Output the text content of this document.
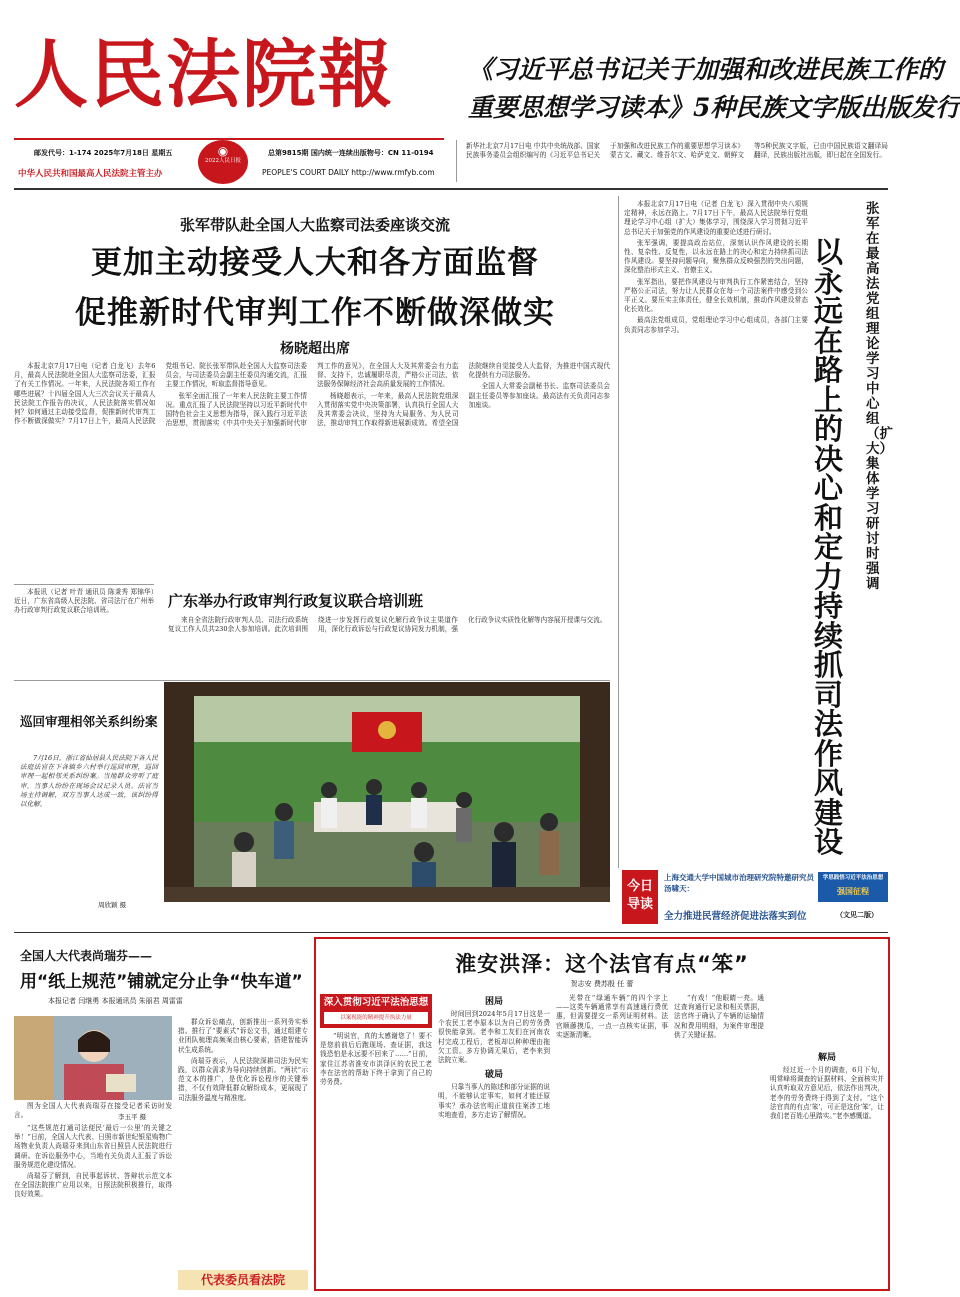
人民法院報	《习近平总书记关于加强和改进民族工作的
重要思想学习读本》5种民族文字版出版发行
邮发代号：1-174 2025年7月18日 星期五	总第9815期 国内统一连续出版物号：CN 11-0194
中华人民共和国最高人民法院主管主办	PEOPLE'S COURT DAILY http://www.rmfyb.com
◉
2022人民日报
新华社北京7月17日电 中共中央统战部、国家民族事务委员会组织编写的《习近平总书记关于加强和改进民族工作的重要思想学习读本》蒙古文、藏文、维吾尔文、哈萨克文、朝鲜文等5种民族文字版，已由中国民族语文翻译局翻译，民族出版社出版，即日起在全国发行。
张军带队赴全国人大监察司法委座谈交流
更加主动接受人大和各方面监督
促推新时代审判工作不断做深做实
杨晓超出席

本报北京7月17日电（记者 白龙飞）去年6月，最高人民法院赴全国人大监察司法委，汇报了有关工作情况。一年来，人民法院各项工作有哪些进展？十四届全国人大三次会议关于最高人民法院工作报告的决议，人民法院落实情况如何？如何通过主动接受监督，促推新时代审判工作不断做深做实？7月17日上午，最高人民法院党组书记、院长张军带队赴全国人大监察司法委员会，与司法委员会副主任委员沟通交流，汇报主要工作情况，听取监督指导意见。

张军全面汇报了一年来人民法院主要工作情况。重点汇报了人民法院坚持以习近平新时代中国特色社会主义思想为指导，深入践行习近平法治思想，贯彻落实《中共中央关于加强新时代审判工作的意见》，在全国人大及其常委会有力监督、支持下，忠诚履职尽责，严格公正司法，依法服务保障经济社会高质量发展的工作情况。

杨晓超表示，一年来，最高人民法院党组深入贯彻落实党中央决策部署，认真执行全国人大及其常委会决议，坚持为大局服务、为人民司法，推动审判工作取得新进展新成效。希望全国法院继续自觉接受人大监督，为推进中国式现代化提供有力司法服务。

全国人大常委会副秘书长、监察司法委员会副主任委员等参加座谈。最高法有关负责同志参加座谈。

本报讯（记者 叶青 通讯员 陈秉秀 郑锦华）近日，广东省高级人民法院、省司法厅在广州举办行政审判行政复议联合培训班。

广东举办行政审判行政复议联合培训班

来自全省法院行政审判人员、司法行政系统复议工作人员共230余人参加培训。此次培训围绕进一步发挥行政复议化解行政争议主渠道作用，深化行政诉讼与行政复议协同发力机制，强化行政争议实质性化解等内容展开授课与交流。

巡回审理相邻关系纠纷案

7月16日，浙江省仙居县人民法院下各人民法庭法官在下各镇乡六村举行巡回审理，巡回审理一起相邻关系纠纷案。当地群众旁听了庭审。当事人纷纷在现场会议记录人员。法官当场主持调解，双方当事人达成一致，该纠纷得以化解。

周欣颖 摄

本报北京7月17日电（记者 白龙飞）深入贯彻中央八项规定精神，永远在路上。7月17日下午，最高人民法院举行党组理论学习中心组（扩大）集体学习，围绕深入学习贯彻习近平总书记关于加强党的作风建设的重要论述进行研讨。

张军强调，要提高政治站位，深刻认识作风建设的长期性、复杂性、反复性，以永远在路上的决心和定力持续抓司法作风建设。要坚持问题导向，聚焦群众反映强烈的突出问题，深化整治形式主义、官僚主义。

张军指出，要把作风建设与审判执行工作紧密结合，坚持严格公正司法，努力让人民群众在每一个司法案件中感受到公平正义。要压实主体责任，健全长效机制，推动作风建设常态化长效化。

最高法党组成员，党组理论学习中心组成员，各部门主要负责同志参加学习。

张军在最高法党组理论学习中心组（扩大）集体学习研讨时强调
以永远在路上的决心和定力持续抓司法作风建设
今日
导读
上海交通大学中国城市治理研究院特邀研究员汤啸天：
全力推进民营经济促进法落实到位	（文见二版）
学思践悟习近平法治思想
强国征程
全国人大代表尚瑞芬——
用“纸上规范”铺就定分止争“快车道”
本报记者 闫继勇 本报通讯员 朱丽君 周雷雷

图为全国人大代表尚瑞芬在接受记者采访时发言。	李玉平 摄

“这些规范打通司法便民‘最后一公里’的关键之举！”日前，全国人大代表、日照市新世纪银星购物广场物业负责人尚瑞芬来到山东省日照县人民法院进行调研。在诉讼服务中心，当地有关负责人汇报了诉讼服务规范化建设情况。

尚瑞芬了解到，自民事起诉状、答辩状示范文本在全国法院推广应用以来，日照法院积极推行，取得良好效果。

群众诉讼痛点，创新推出一系列务实举措。推行了“要素式”诉讼文书，通过组建专业团队梳理高频案由核心要素，搭建智能诉状生成系统。

尚瑞芬表示，人民法院深耕司法为民实践，以群众需求为导向持续创新。“两状”示范文本的推广，是优化诉讼程序的关键举措，不仅有效降低群众解纷成本，更展现了司法服务温度与精准度。

代表委员看法院
淮安洪泽：这个法官有点“笨”
贺志安 费苏殷 任 蕾
深入贯彻习近平法治思想
以案视能的精神提升执法力量

“明说官，真的太感谢您了！要不是您前前后后跑现场、查证据，我这钱恐怕是永远要不回来了……”日前，家住江苏省淮安市洪泽区的农民工老李在法官的帮助下终于拿到了自己的劳务费。

困局

时间回到2024年5月17日这是一个农民工老李原本以为自己的劳务费很快能拿到。老李和工友们在河南农村完成工程后，老板却以种种理由拖欠工资。多方协调无果后，老李来到法院立案。

破局

只靠当事人的陈述和部分证据的说明，不能够认定事实，如何才能还原事实？承办法官明正道前往案涉工地实地查看，多方走访了解情况。

光带在“绿通车辆”的四个字上——这类车辆通常享有高速通行费优惠，但需要提交一系列证明材料。法官顺藤摸瓜，一点一点核实证据，事实逐渐清晰。

“有戏！”他眼睛一亮。通过查询通行记录和相关票据，法官终于确认了车辆的运输情况和费用明细，为案件审理提供了关键证据。

解局

经过近一个月的调查，6月下旬，明常峰将调查的证据材料、全面核实并认真听取双方意见后，依法作出判决，老李的劳务费终于得到了支付。“这个法官真的有点‘笨’，可正是这份‘笨’，让我们老百姓心里踏实。”老李感慨道。
